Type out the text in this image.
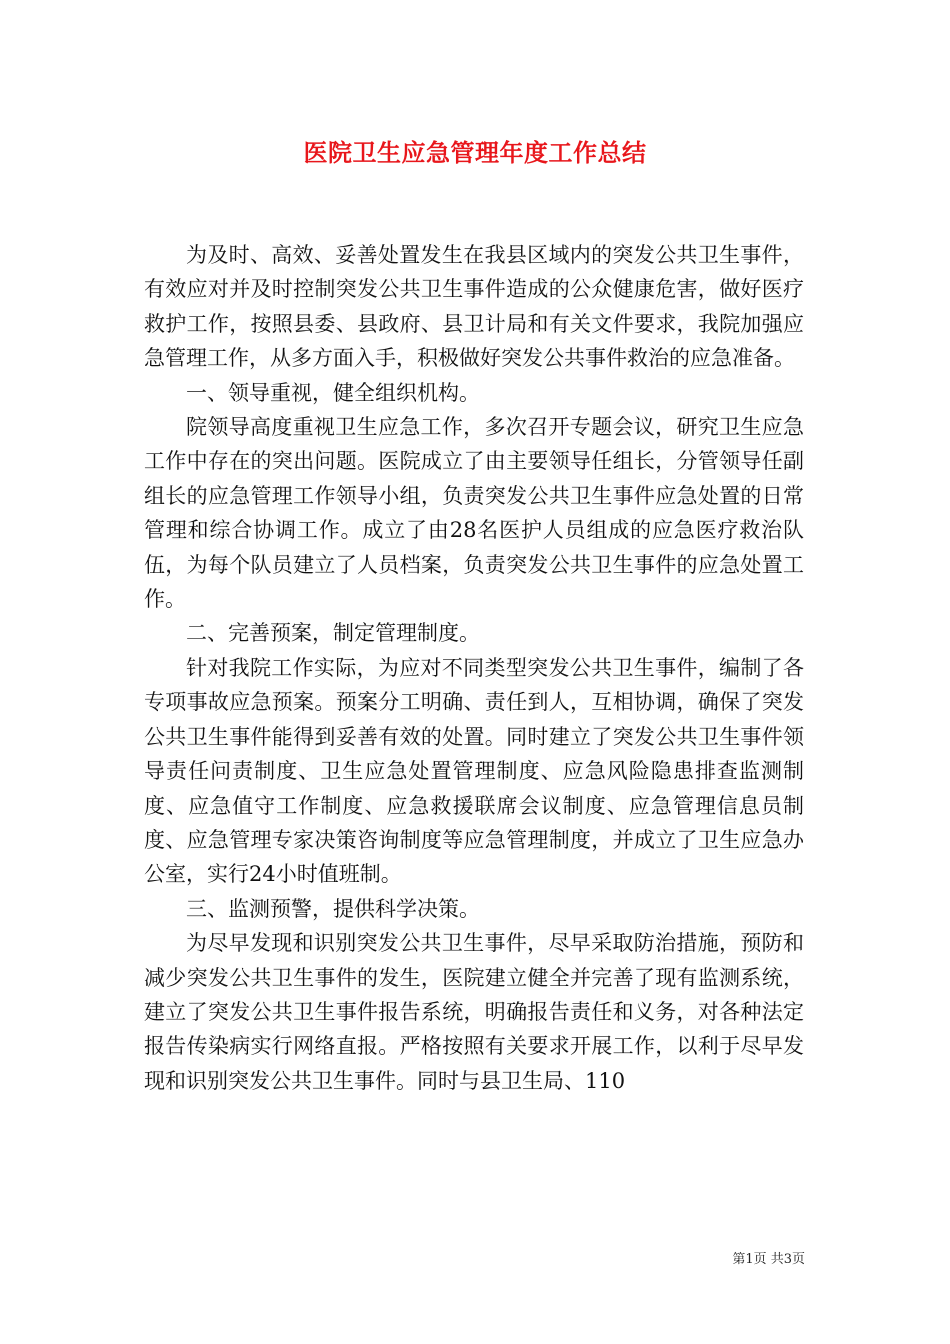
医院卫生应急管理年度工作总结

为及时、高效、妥善处置发生在我县区域内的突发公共卫生事件，有效应对并及时控制突发公共卫生事件造成的公众健康危害，做好医疗救护工作，按照县委、县政府、县卫计局和有关文件要求，我院加强应急管理工作，从多方面入手，积极做好突发公共事件救治的应急准备。

一、领导重视，健全组织机构。

院领导高度重视卫生应急工作，多次召开专题会议，研究卫生应急工作中存在的突出问题。医院成立了由主要领导任组长，分管领导任副组长的应急管理工作领导小组，负责突发公共卫生事件应急处置的日常管理和综合协调工作。成立了由28名医护人员组成的应急医疗救治队伍，为每个队员建立了人员档案，负责突发公共卫生事件的应急处置工作。

二、完善预案，制定管理制度。

针对我院工作实际，为应对不同类型突发公共卫生事件，编制了各专项事故应急预案。预案分工明确、责任到人，互相协调，确保了突发公共卫生事件能得到妥善有效的处置。同时建立了突发公共卫生事件领导责任问责制度、卫生应急处置管理制度、应急风险隐患排查监测制度、应急值守工作制度、应急救援联席会议制度、应急管理信息员制度、应急管理专家决策咨询制度等应急管理制度，并成立了卫生应急办公室，实行24小时值班制。

三、监测预警，提供科学决策。

为尽早发现和识别突发公共卫生事件，尽早采取防治措施，预防和减少突发公共卫生事件的发生，医院建立健全并完善了现有监测系统，建立了突发公共卫生事件报告系统，明确报告责任和义务，对各种法定报告传染病实行网络直报。严格按照有关要求开展工作，以利于尽早发现和识别突发公共卫生事件。同时与县卫生局、110

第1页 共3页
